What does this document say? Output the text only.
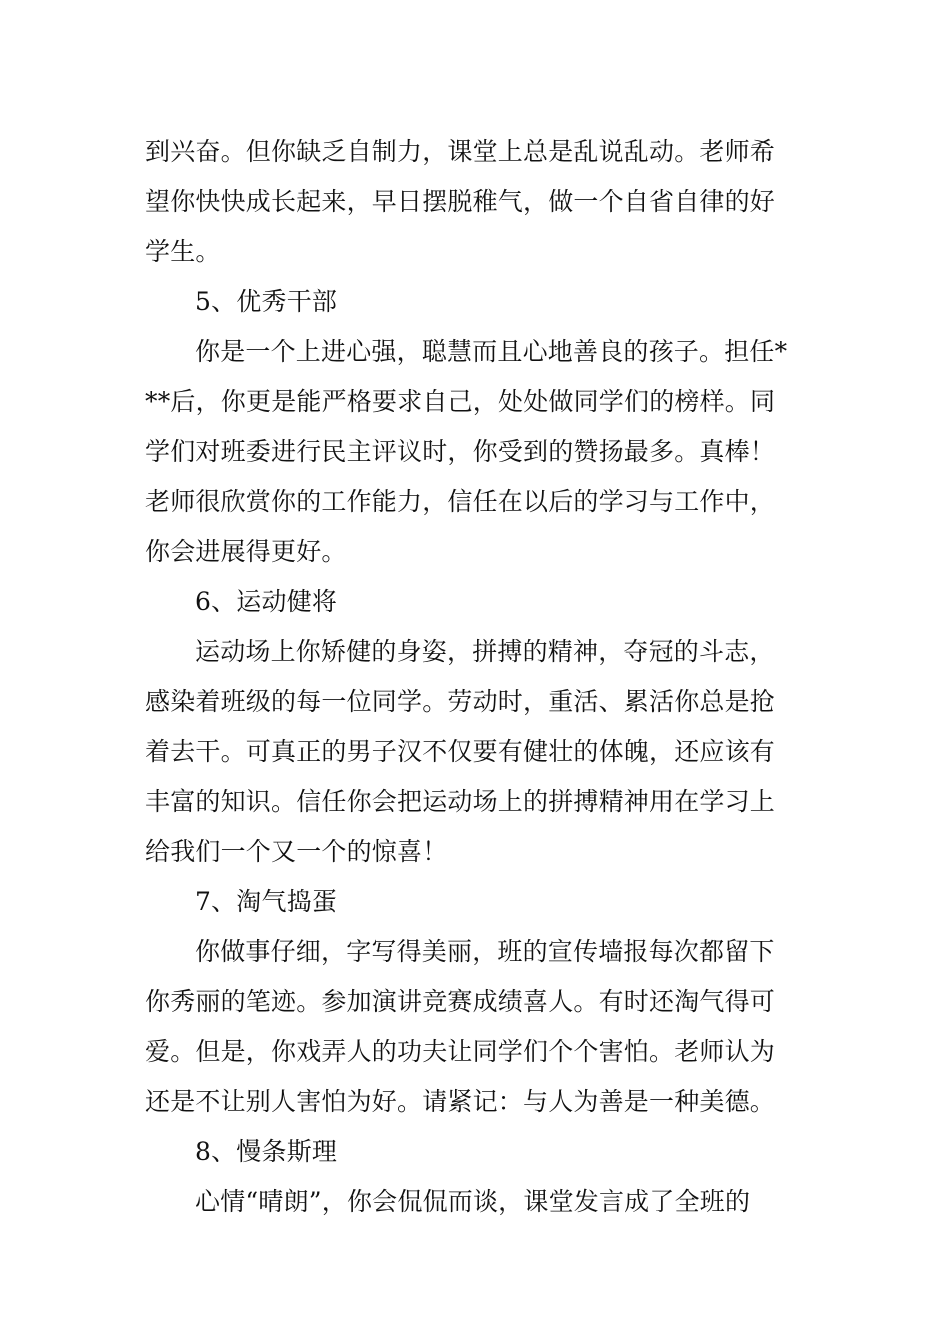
到兴奋。但你缺乏自制力，课堂上总是乱说乱动。老师希
望你快快成长起来，早日摆脱稚气，做一个自省自律的好
学生。
5、优秀干部
你是一个上进心强，聪慧而且心地善良的孩子。担任*
**后，你更是能严格要求自己，处处做同学们的榜样。同
学们对班委进行民主评议时，你受到的赞扬最多。真棒！
老师很欣赏你的工作能力，信任在以后的学习与工作中，
你会进展得更好。
6、运动健将
运动场上你矫健的身姿，拼搏的精神，夺冠的斗志，
感染着班级的每一位同学。劳动时，重活、累活你总是抢
着去干。可真正的男子汉不仅要有健壮的体魄，还应该有
丰富的知识。信任你会把运动场上的拼搏精神用在学习上
给我们一个又一个的惊喜！
7、淘气捣蛋
你做事仔细，字写得美丽，班的宣传墙报每次都留下
你秀丽的笔迹。参加演讲竞赛成绩喜人。有时还淘气得可
爱。但是，你戏弄人的功夫让同学们个个害怕。老师认为
还是不让别人害怕为好。请紧记：与人为善是一种美德。
8、慢条斯理
心情“晴朗”，你会侃侃而谈，课堂发言成了全班的
